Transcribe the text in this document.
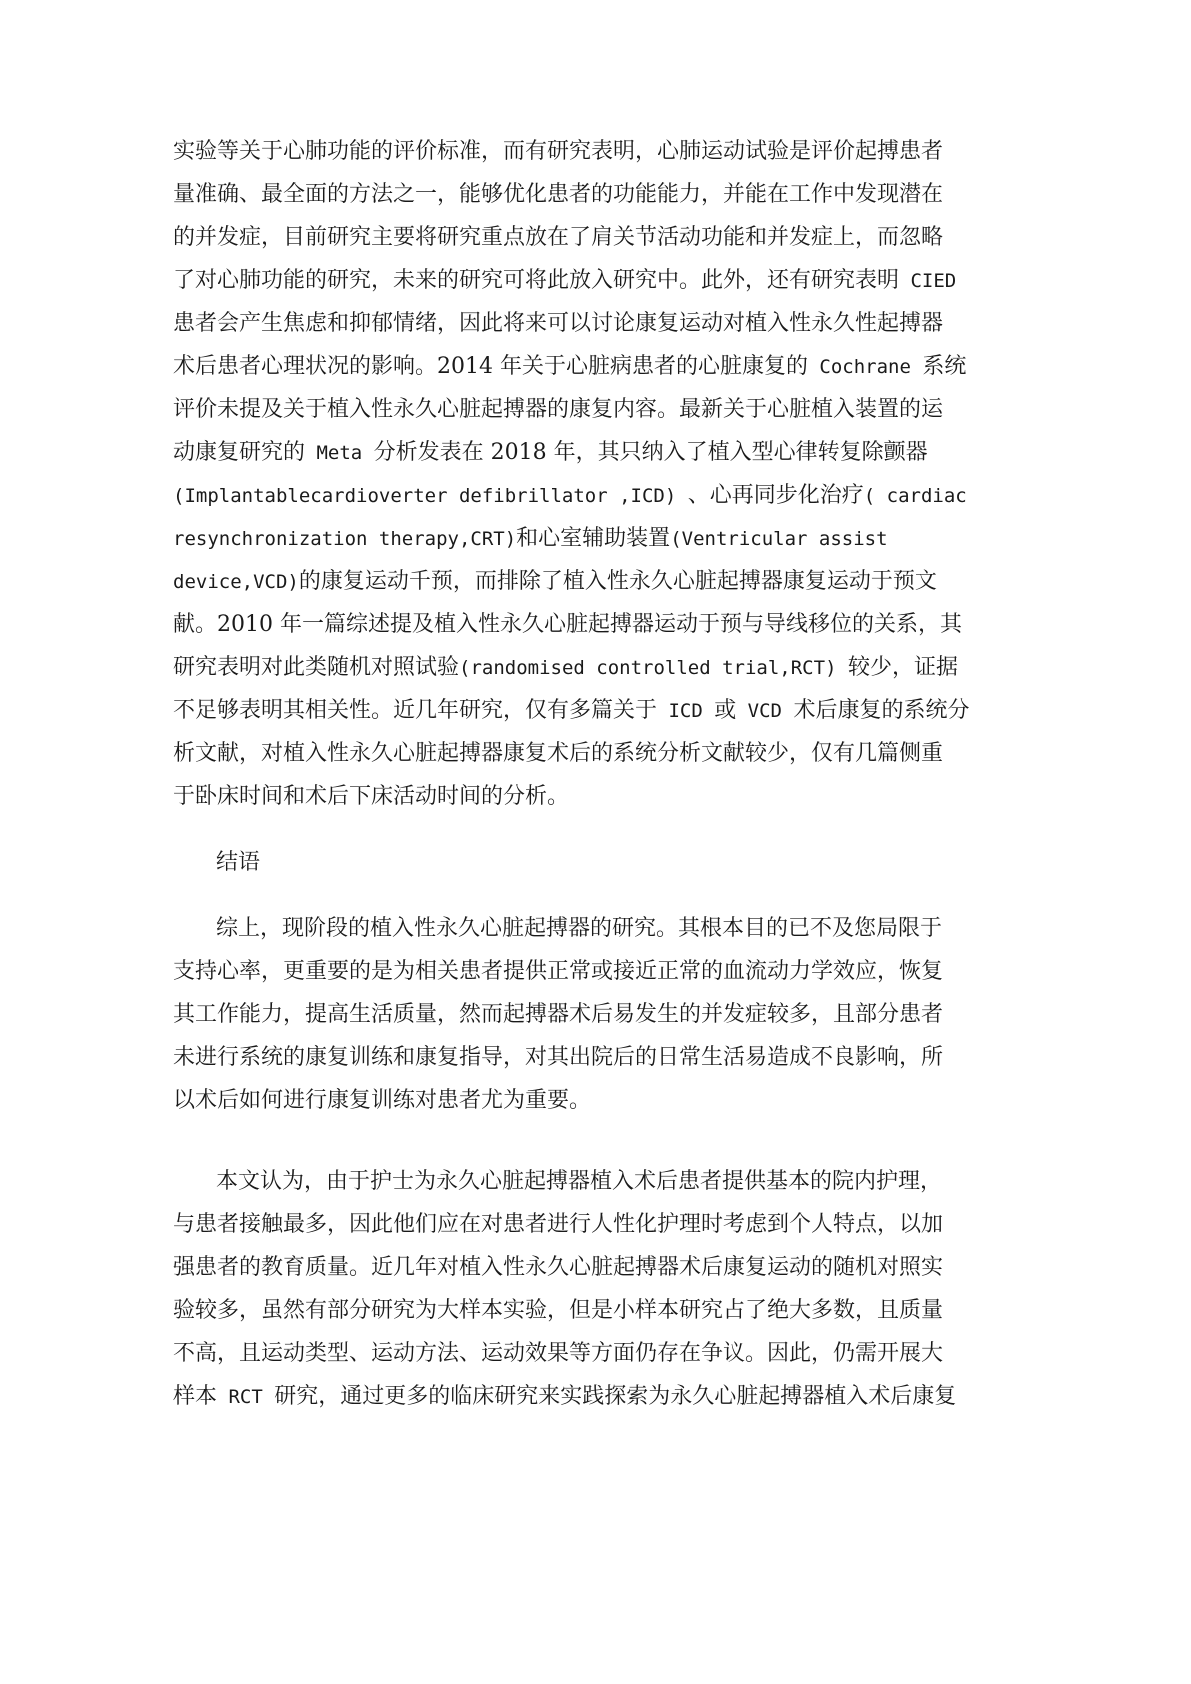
实验等关于心肺功能的评价标准，而有研究表明，心肺运动试验是评价起搏患者

量准确、最全面的方法之一，能够优化患者的功能能力，并能在工作中发现潜在

的并发症，目前研究主要将研究重点放在了肩关节活动功能和并发症上，而忽略

了对心肺功能的研究，未来的研究可将此放入研究中。此外，还有研究表明 CIED

患者会产生焦虑和抑郁情绪，因此将来可以讨论康复运动对植入性永久性起搏器

术后患者心理状况的影响。2014 年关于心脏病患者的心脏康复的 Cochrane 系统

评价未提及关于植入性永久心脏起搏器的康复内容。最新关于心脏植入装置的运

动康复研究的 Meta 分析发表在 2018 年，其只纳入了植入型心律转复除颤器

(Implantablecardioverter defibrillator ,ICD) 、心再同步化治疗( cardiac

resynchronization therapy,CRT)和心室辅助装置(Ventricular assist

device,VCD)的康复运动千预，而排除了植入性永久心脏起搏器康复运动于预文

献。2010 年一篇综述提及植入性永久心脏起搏器运动于预与导线移位的关系，其

研究表明对此类随机对照试验(randomised controlled trial,RCT) 较少，证据

不足够表明其相关性。近几年研究，仅有多篇关于 ICD 或 VCD 术后康复的系统分

析文献，对植入性永久心脏起搏器康复术后的系统分析文献较少，仅有几篇侧重

于卧床时间和术后下床活动时间的分析。

结语

综上，现阶段的植入性永久心脏起搏器的研究。其根本目的已不及您局限于

支持心率，更重要的是为相关患者提供正常或接近正常的血流动力学效应，恢复

其工作能力，提高生活质量，然而起搏器术后易发生的并发症较多，且部分患者

未进行系统的康复训练和康复指导，对其出院后的日常生活易造成不良影响，所

以术后如何进行康复训练对患者尤为重要。

本文认为，由于护士为永久心脏起搏器植入术后患者提供基本的院内护理，

与患者接触最多，因此他们应在对患者进行人性化护理时考虑到个人特点，以加

强患者的教育质量。近几年对植入性永久心脏起搏器术后康复运动的随机对照实

验较多，虽然有部分研究为大样本实验，但是小样本研究占了绝大多数，且质量

不高，且运动类型、运动方法、运动效果等方面仍存在争议。因此，仍需开展大

样本 RCT 研究，通过更多的临床研究来实践探索为永久心脏起搏器植入术后康复
